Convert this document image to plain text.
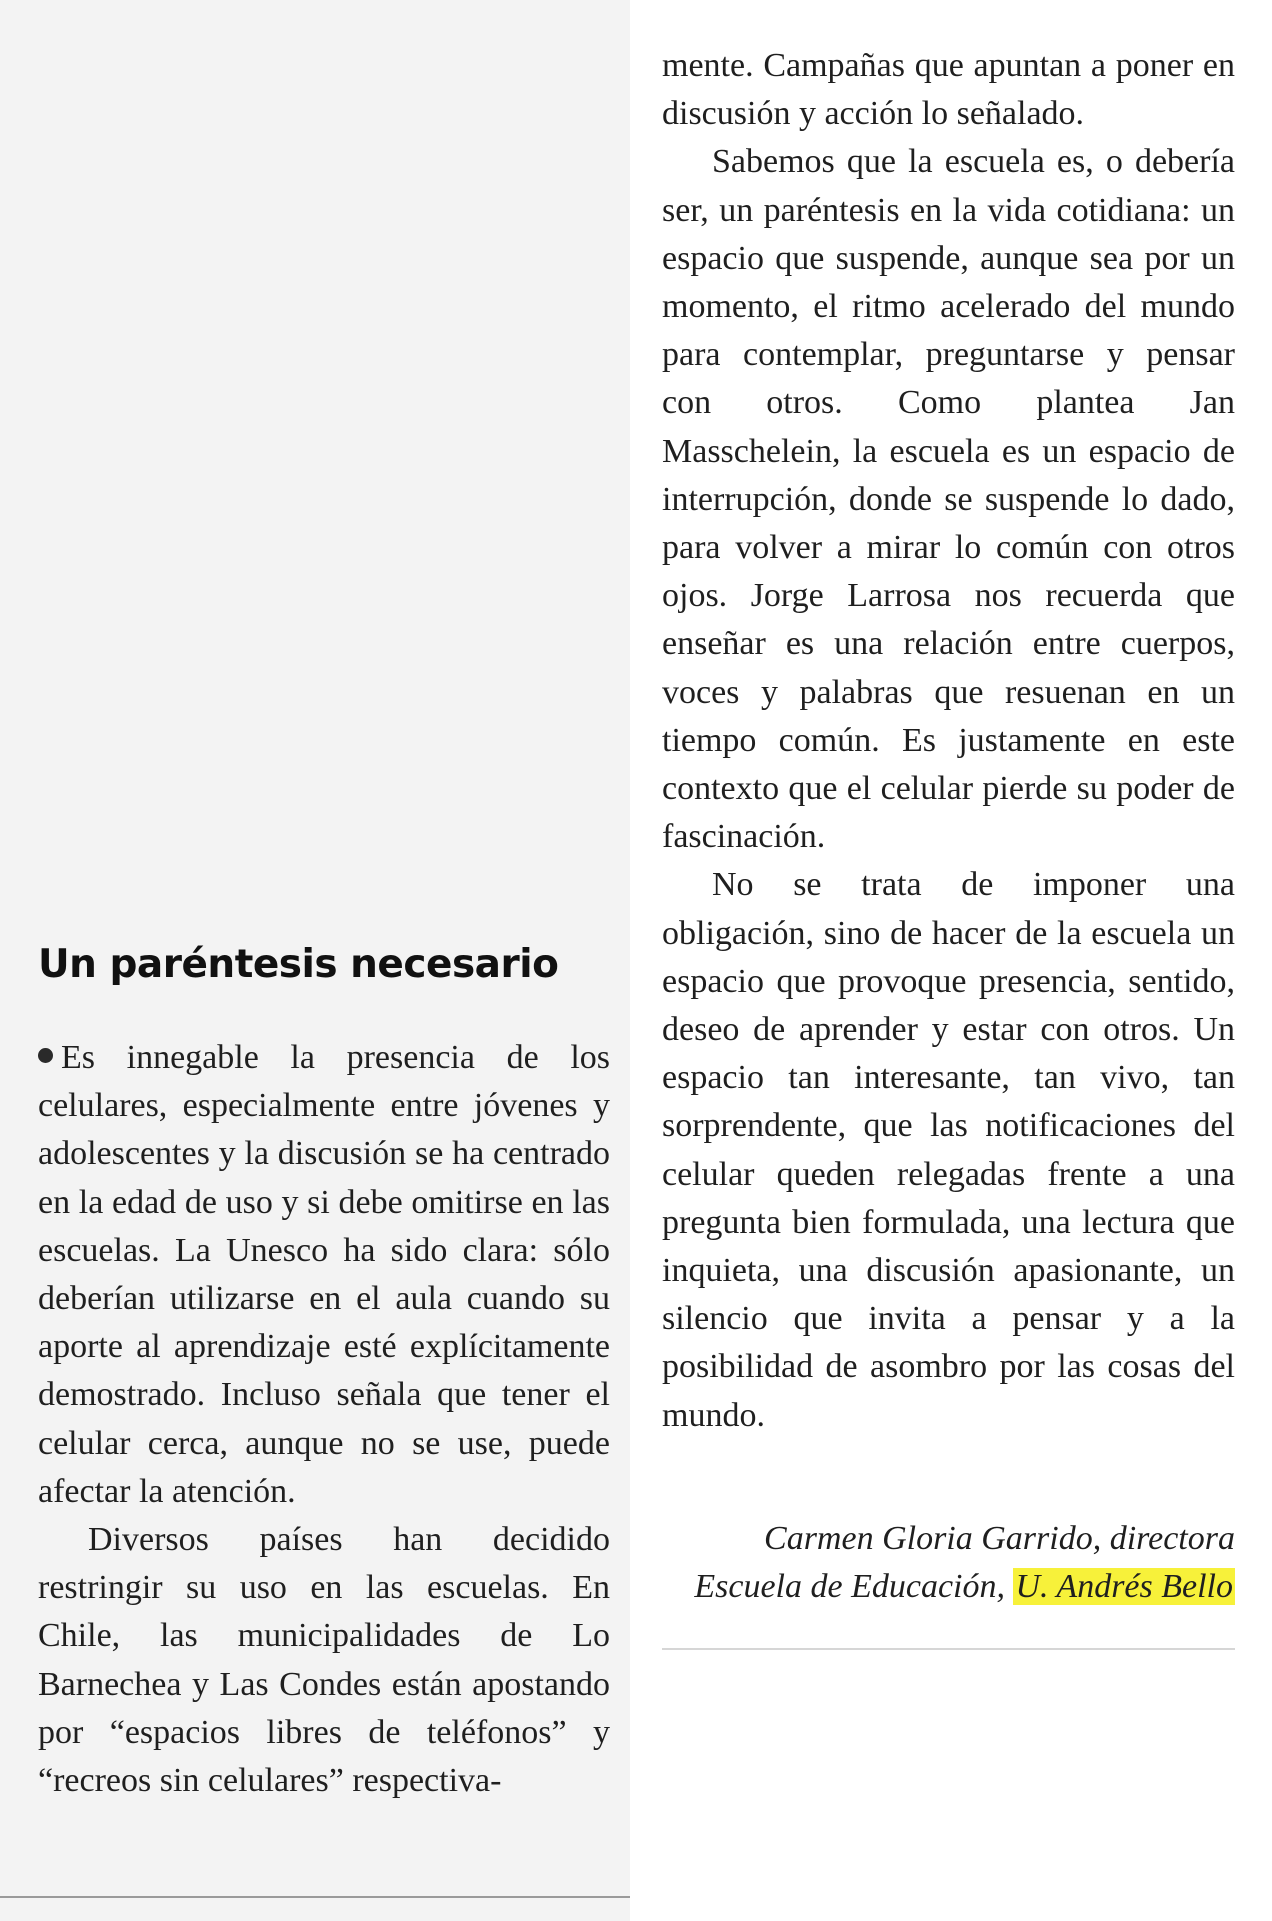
Un paréntesis necesario

Es innegable la presencia de los celulares, especialmente entre jóvenes y adolescentes y la discusión se ha centrado en la edad de uso y si debe omitirse en las escuelas. La Unesco ha sido clara: sólo deberían utilizarse en el aula cuando su aporte al aprendizaje esté explícitamente demostrado. Incluso señala que tener el celular cerca, aunque no se use, puede afectar la atención.

Diversos países han decidido restringir su uso en las escuelas. En Chile, las municipalidades de Lo Barnechea y Las Condes están apostando por “espacios libres de teléfonos” y “recreos sin celulares” respectiva-

mente. Campañas que apuntan a poner en discusión y acción lo señalado.

Sabemos que la escuela es, o debería ser, un paréntesis en la vida cotidiana: un espacio que suspende, aunque sea por un momento, el ritmo acelerado del mundo para contemplar, preguntarse y pensar con otros. Como plantea Jan Masschelein, la escuela es un espacio de interrupción, donde se suspende lo dado, para volver a mirar lo común con otros ojos. Jorge Larrosa nos recuerda que enseñar es una relación entre cuerpos, voces y palabras que resuenan en un tiempo común. Es justamente en este contexto que el celular pierde su poder de fascinación.

No se trata de imponer una obligación, sino de hacer de la escuela un espacio que provoque presencia, sentido, deseo de aprender y estar con otros. Un espacio tan interesante, tan vivo, tan sorprendente, que las notificaciones del celular queden relegadas frente a una pregunta bien formulada, una lectura que inquieta, una discusión apasionante, un silencio que invita a pensar y a la posibilidad de asombro por las cosas del mundo.

Carmen Gloria Garrido, directora Escuela de Educación, U. Andrés Bello
